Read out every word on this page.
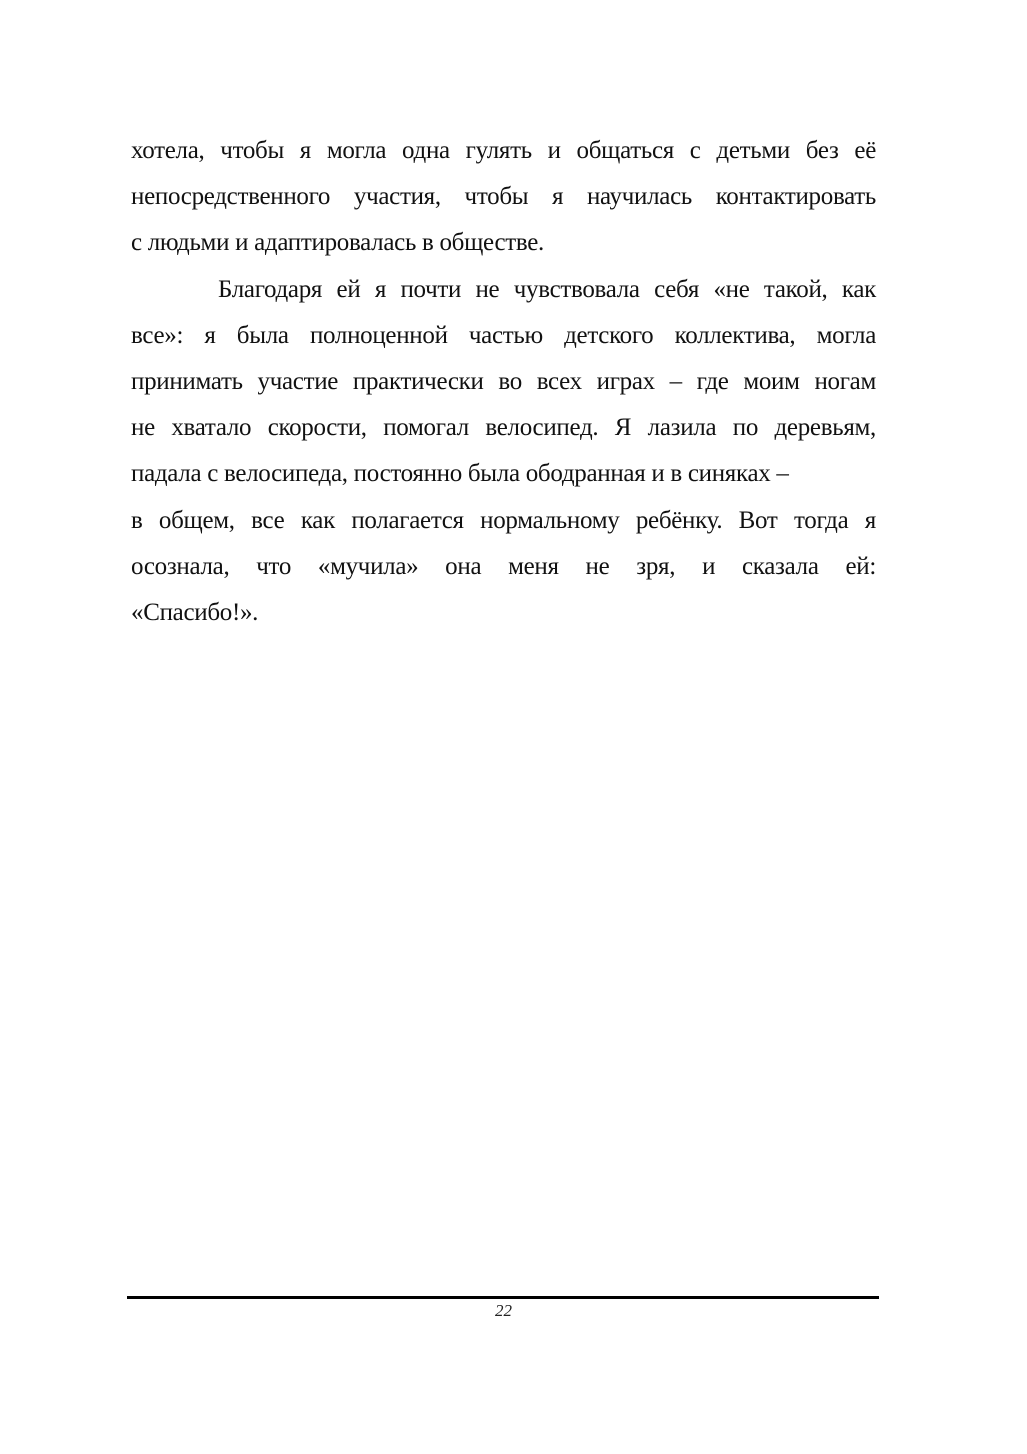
хотела, чтобы я могла одна гулять и общаться с детьми без её
непосредственного участия, чтобы я научилась контактировать
с людьми и адаптировалась в обществе.
Благодаря ей я почти не чувствовала себя «не такой, как
все»: я была полноценной частью детского коллектива, могла
принимать участие практически во всех играх – где моим ногам
не хватало скорости, помогал велосипед. Я лазила по деревьям,
падала с велосипеда, постоянно была ободранная и в синяках –
в общем, все как полагается нормальному ребёнку. Вот тогда я
осознала, что «мучила» она меня не зря, и сказала ей:
«Спасибо!».
22
